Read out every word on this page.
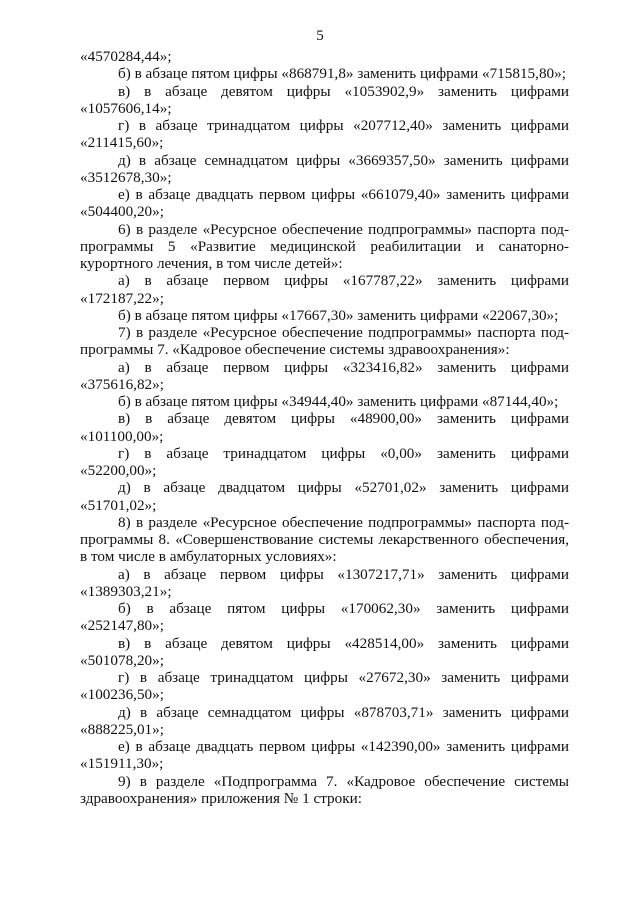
5

«4570284,44»;

б) в абзаце пятом цифры «868791,8» заменить цифрами «715815,80»;

в) в абзаце девятом цифры «1053902,9» заменить цифрами «1057606,14»;

г) в абзаце тринадцатом цифры «207712,40» заменить цифрами «211415,60»;

д) в абзаце семнадцатом цифры «3669357,50» заменить цифрами «3512678,30»;

е) в абзаце двадцать первом цифры «661079,40» заменить цифрами «504400,20»;

6) в разделе «Ресурсное обеспечение подпрограммы» паспорта под-программы 5 «Развитие медицинской реабилитации и санаторно-курортного лечения, в том числе детей»:

а) в абзаце первом цифры «167787,22» заменить цифрами «172187,22»;

б) в абзаце пятом цифры «17667,30» заменить цифрами «22067,30»;

7) в разделе «Ресурсное обеспечение подпрограммы» паспорта под-программы 7. «Кадровое обеспечение системы здравоохранения»:

а) в абзаце первом цифры «323416,82» заменить цифрами «375616,82»;

б) в абзаце пятом цифры «34944,40» заменить цифрами «87144,40»;

в) в абзаце девятом цифры «48900,00» заменить цифрами «101100,00»;

г) в абзаце тринадцатом цифры «0,00» заменить цифрами «52200,00»;

д) в абзаце двадцатом цифры «52701,02» заменить цифрами «51701,02»;

8) в разделе «Ресурсное обеспечение подпрограммы» паспорта под-программы 8. «Совершенствование системы лекарственного обеспечения, в том числе в амбулаторных условиях»:

а) в абзаце первом цифры «1307217,71» заменить цифрами «1389303,21»;

б) в абзаце пятом цифры «170062,30» заменить цифрами «252147,80»;

в) в абзаце девятом цифры «428514,00» заменить цифрами «501078,20»;

г) в абзаце тринадцатом цифры «27672,30» заменить цифрами «100236,50»;

д) в абзаце семнадцатом цифры «878703,71» заменить цифрами «888225,01»;

е) в абзаце двадцать первом цифры «142390,00» заменить цифрами «151911,30»;

9) в разделе «Подпрограмма 7. «Кадровое обеспечение системы здравоохранения» приложения № 1 строки:
